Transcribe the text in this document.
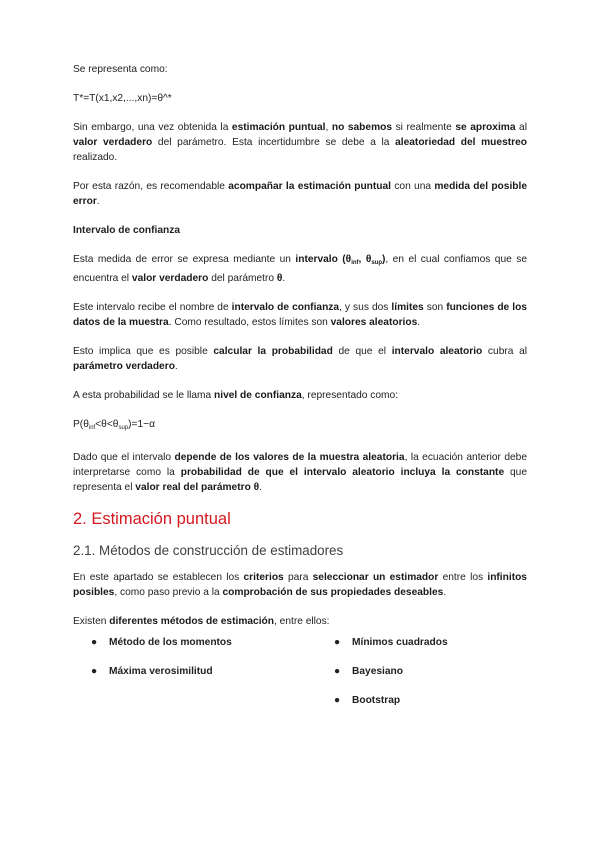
Se representa como:

T*=T(x1,x2,...,xn)=θ^*

Sin embargo, una vez obtenida la estimación puntual, no sabemos si realmente se aproxima al valor verdadero del parámetro. Esta incertidumbre se debe a la aleatoriedad del muestreo realizado.

Por esta razón, es recomendable acompañar la estimación puntual con una medida del posible error.

Intervalo de confianza

Esta medida de error se expresa mediante un intervalo ($\theta_{inf}$, $\theta_{sup}$), en el cual confiamos que se encuentra el valor verdadero del parámetro θ.

Este intervalo recibe el nombre de intervalo de confianza, y sus dos límites son funciones de los datos de la muestra. Como resultado, estos límites son valores aleatorios.

Esto implica que es posible calcular la probabilidad de que el intervalo aleatorio cubra al parámetro verdadero.

A esta probabilidad se le llama nivel de confianza, representado como:

$P(\theta_{inf}<\theta<\theta_{sup})=1-\alpha$

Dado que el intervalo depende de los valores de la muestra aleatoria, la ecuación anterior debe interpretarse como la probabilidad de que el intervalo aleatorio incluya la constante que representa el valor real del parámetro θ.

2. Estimación puntual
2.1. Métodos de construcción de estimadores

En este apartado se establecen los criterios para seleccionar un estimador entre los infinitos posibles, como paso previo a la comprobación de sus propiedades deseables.

Existen diferentes métodos de estimación, entre ellos:

● Método de los momentos
● Máxima verosimilitud
● Mínimos cuadrados
● Bayesiano
● Bootstrap
